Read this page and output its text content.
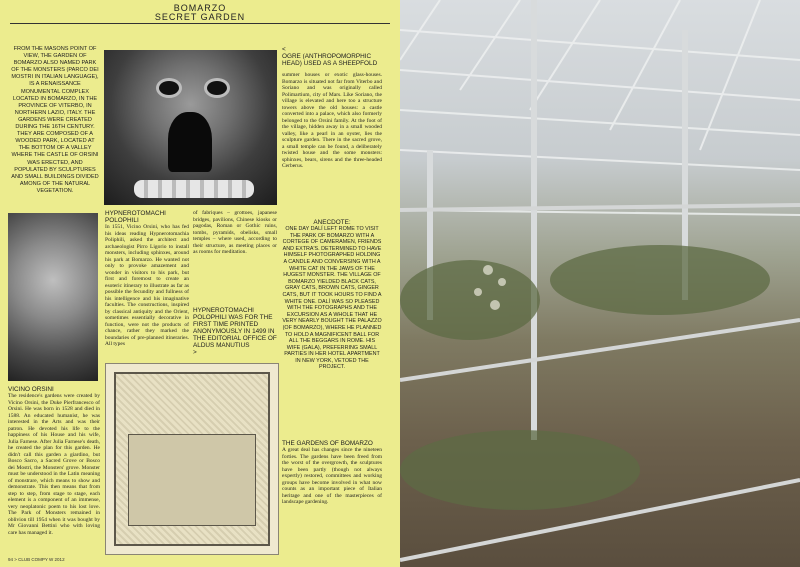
BOMARZO
SECRET GARDEN
FROM THE MASONS POINT OF VIEW, THE GARDEN OF BOMARZO ALSO NAMED PARK OF THE MONSTERS (PARCO DEI MOSTRI IN ITALIAN LANGUAGE), IS A RENAISSANCE MONUMENTAL COMPLEX LOCATED IN BOMARZO, IN THE PROVINCE OF VITERBO, IN NORTHERN LAZIO, ITALY. THE GARDENS WERE CREATED DURING THE 16TH CENTURY. THEY ARE COMPOSED OF A WOODED PARK, LOCATED AT THE BOTTOM OF A VALLEY WHERE THE CASTLE OF ORSINI WAS ERECTED, AND POPULATED BY SCULPTURES AND SMALL BUILDINGS DIVIDED AMONG OF THE NATURAL VEGETATION.
HYPNEROTOMACHI POLOPHILI
In 1551, Vicino Orsini, who has fed his ideas reading Hypnerotomachia Poliphili, asked the architect and archaeologist Pirro Ligorio to install monsters, including sphinxes, around his park at Bomarzo. He wanted not only to provoke amazement and wonder in visitors to his park, but first and foremost to create an esoteric itinerary to illustrate as far as possible the fecundity and fullness of his intelligence and his imaginative faculties. The constructions, inspired by classical antiquity and the Orient, sometimes essentially decorative in function, were not the products of chance, rather they marked the boundaries of pre-planned itineraries. All types
of fabriques – grottoes, japanese bridges, pavilions, Chinese kiosks or pagodas, Roman or Gothic ruins, tombs, pyramids, obelisks, small temples – where used, according to their structure, as meeting places or as rooms for meditation.
HYPNEROTOMACHI POLOPHILI WAS FOR THE FIRST TIME PRINTED ANONYMOUSLY IN 1499 IN THE EDITORIAL OFFICE OF ALDUS MANUTIUS
>
<
OGRE (ANTHROPOMORPHIC HEAD) USED AS A SHEEPFOLD
summer houses or exotic glass-houses. Bomarzo is situated not far from Viterbo and Soriano and was originally called Polimartium, city of Mars. Like Soriano, the village is elevated and here too a structure towers above the old houses: a castle converted into a palace, which also formerly belonged to the Orsini family. At the foot of the village, hidden away in a small wooded valley, like a pearl in an oyster, lies the sculpture garden. There in the sacred grove, a small temple can be found, a deliberately twisted house and the some monsters: sphinxes, bears, sirens and the three-headed Cerberus.
ANECDOTE:
ONE DAY DALÍ LEFT ROME TO VISIT THE PARK OF BOMARZO WITH A CORTEGE OF CAMERAMEN, FRIENDS AND EXTRA'S. DETERMINED TO HAVE HIMSELF PHOTOGRAPHED HOLDING A CANDLE AND CONVERSING WITH A WHITE CAT IN THE JAWS OF THE HUGEST MONSTER. THE VILLAGE OF BOMARZO YIELDED BLACK CATS, GRAY CATS, BROWN CATS, GINGER CATS, BUT IT TOOK HOURS TO FIND A WHITE ONE. DALÍ WAS SO PLEASED WITH THE FOTOGRAPHS AND THE EXCURSION AS A WHOLE THAT HE VERY NEARLY BOUGHT THE PALAZZO (OF BOMARZO), WHERE HE PLANNED TO HOLD A MAGNIFICENT BALL FOR ALL THE BEGGARS IN ROME. HIS WIFE (GALA), PREFERRING SMALL PARTIES IN HER HOTEL APARTMENT IN NEW YORK, VETOED THE PROJECT.
VICINO ORSINI
The residence's gardens were created by Vicino Orsini, the Duke Pierfrancesco of Orsini. He was born in 1528 and died in 1588. An educated humanist, he was interested in the Arts and was their patron. He devoted his life to the happiness of his House and his wife, Julia Farnese. After Julia Farnese's death, he created the plan for this garden. He didn't call this garden a giardino, but Bosco Sacro, a Sacred Grove or Bosco dei Mostri, the Monsters' grove. Monster must be understood in the Latin meaning of monstrare, which means to show and demonstrate. This then means that from step to step, from stage to stage, each element is a component of an immense, very neoplatonic poem to his lost love. The Park of Monsters remained in oblivion till 1954 when it was bought by Mr Giovanni Bettini who with loving care has managed it.
THE GARDENS OF BOMARZO
A great deal has changes since the nineteen forties. The gardens have been freed from the worst of the overgrowth, the sculptures have been partly (though not always expertly) restored, committees and working groups have become involved in what now counts as an important piece of Italian heritage and one of the masterpieces of landscape gardening.
94 > CLUB COMPY W 2012
